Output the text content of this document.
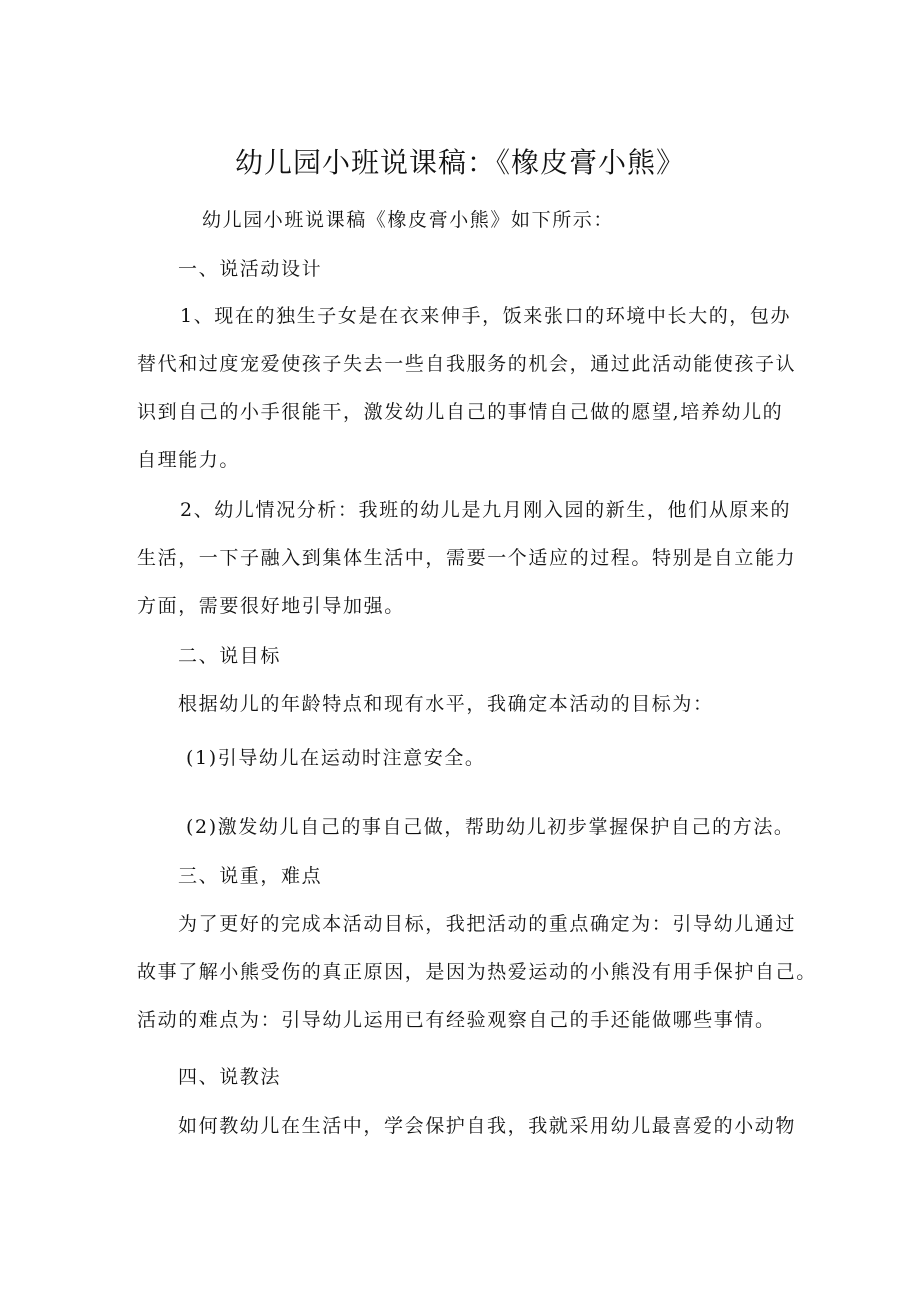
幼儿园小班说课稿：《橡皮膏小熊》
幼儿园小班说课稿《橡皮膏小熊》如下所示：
一、说活动设计
1、现在的独生子女是在衣来伸手，饭来张口的环境中长大的，包办
替代和过度宠爱使孩子失去一些自我服务的机会，通过此活动能使孩子认
识到自己的小手很能干，激发幼儿自己的事情自己做的愿望,培养幼儿的
自理能力。
2、幼儿情况分析：我班的幼儿是九月刚入园的新生，他们从原来的
生活，一下子融入到集体生活中，需要一个适应的过程。特别是自立能力
方面，需要很好地引导加强。
二、说目标
根据幼儿的年龄特点和现有水平，我确定本活动的目标为：
(1)引导幼儿在运动时注意安全。
(2)激发幼儿自己的事自己做，帮助幼儿初步掌握保护自己的方法。
三、说重，难点
为了更好的完成本活动目标，我把活动的重点确定为：引导幼儿通过
故事了解小熊受伤的真正原因，是因为热爱运动的小熊没有用手保护自己。
活动的难点为：引导幼儿运用已有经验观察自己的手还能做哪些事情。
四、说教法
如何教幼儿在生活中，学会保护自我，我就采用幼儿最喜爱的小动物
